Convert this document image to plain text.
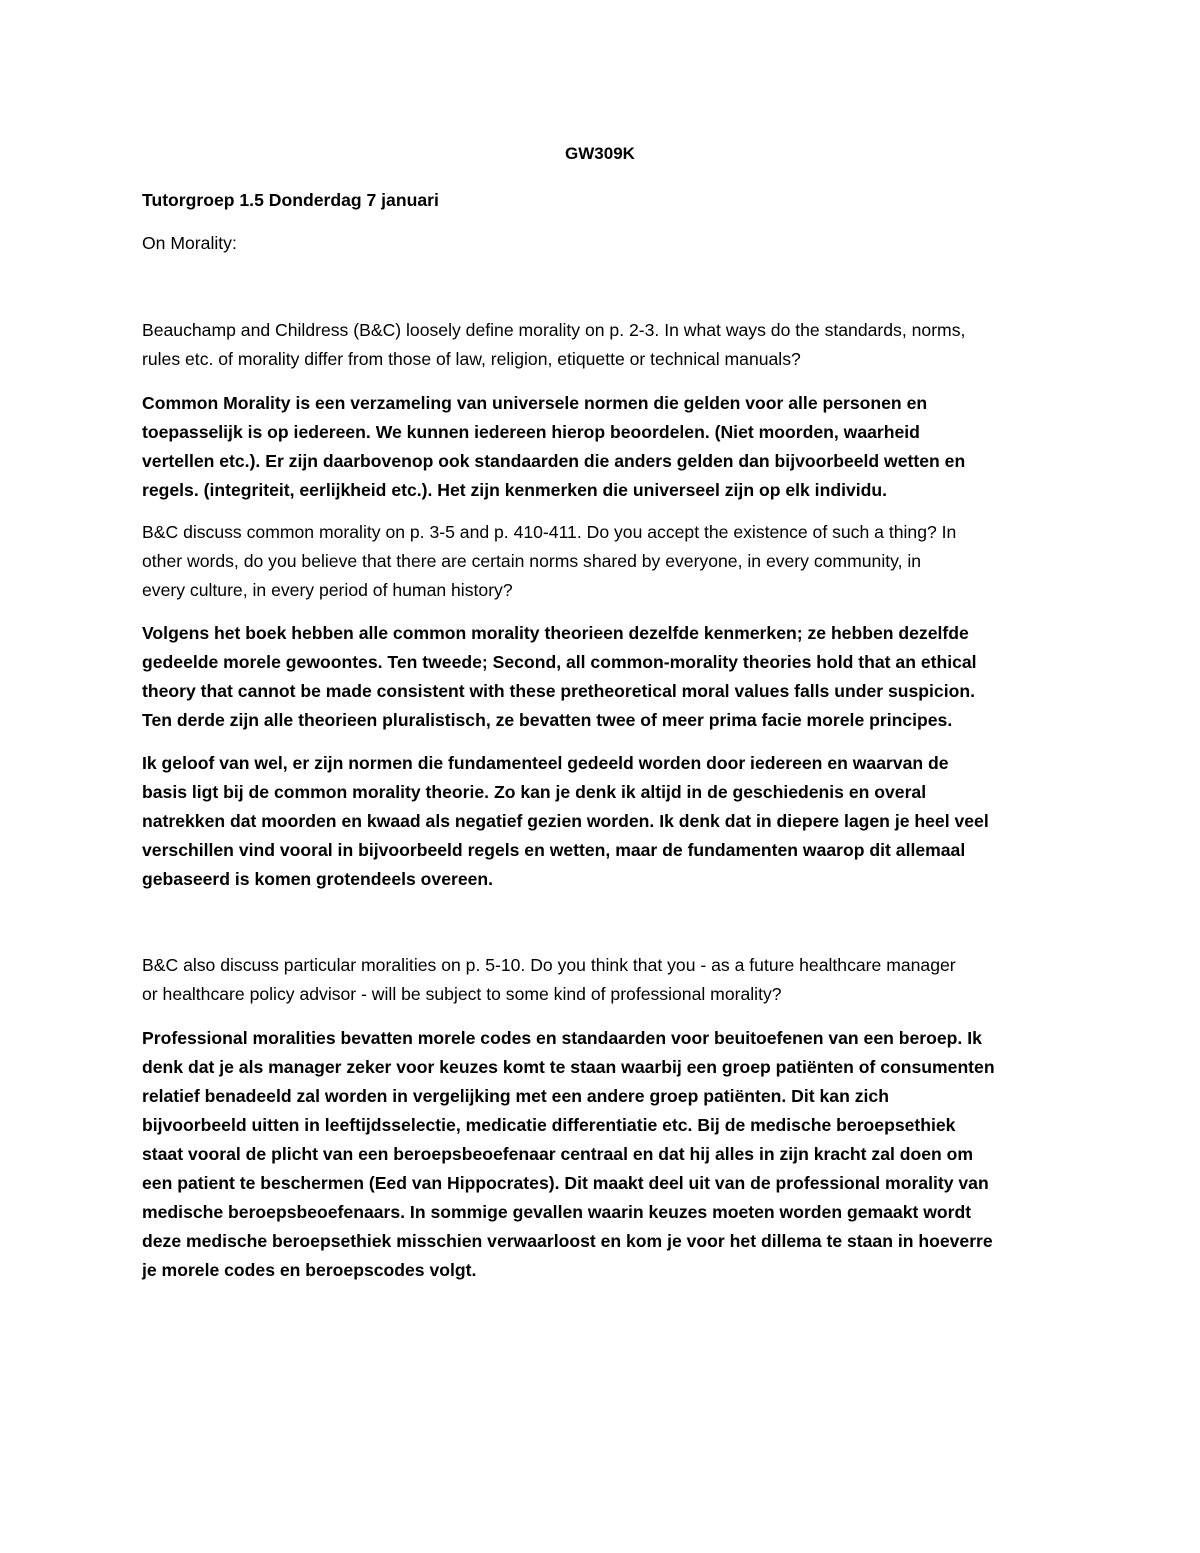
GW309K

Tutorgroep 1.5 Donderdag 7 januari

On Morality:

Beauchamp and Childress (B&C) loosely define morality on p. 2-3. In what ways do the standards, norms,
rules etc. of morality differ from those of law, religion, etiquette or technical manuals?

Common Morality is een verzameling van universele normen die gelden voor alle personen en
toepasselijk is op iedereen. We kunnen iedereen hierop beoordelen. (Niet moorden, waarheid
vertellen etc.). Er zijn daarbovenop ook standaarden die anders gelden dan bijvoorbeeld wetten en
regels. (integriteit, eerlijkheid etc.). Het zijn kenmerken die universeel zijn op elk individu.

B&C discuss common morality on p. 3-5 and p. 410-411. Do you accept the existence of such a thing? In
other words, do you believe that there are certain norms shared by everyone, in every community, in
every culture, in every period of human history?

Volgens het boek hebben alle common morality theorieen dezelfde kenmerken; ze hebben dezelfde
gedeelde morele gewoontes. Ten tweede; Second, all common-morality theories hold that an ethical
theory that cannot be made consistent with these pretheoretical moral values falls under suspicion.
Ten derde zijn alle theorieen pluralistisch, ze bevatten twee of meer prima facie morele principes.

Ik geloof van wel, er zijn normen die fundamenteel gedeeld worden door iedereen en waarvan de
basis ligt bij de common morality theorie. Zo kan je denk ik altijd in de geschiedenis en overal
natrekken dat moorden en kwaad als negatief gezien worden. Ik denk dat in diepere lagen je heel veel
verschillen vind vooral in bijvoorbeeld regels en wetten, maar de fundamenten waarop dit allemaal
gebaseerd is komen grotendeels overeen.

B&C also discuss particular moralities on p. 5-10. Do you think that you - as a future healthcare manager
or healthcare policy advisor - will be subject to some kind of professional morality?

Professional moralities bevatten morele codes en standaarden voor beuitoefenen van een beroep. Ik
denk dat je als manager zeker voor keuzes komt te staan waarbij een groep patiënten of consumenten
relatief benadeeld zal worden in vergelijking met een andere groep patiënten. Dit kan zich
bijvoorbeeld uitten in leeftijdsselectie, medicatie differentiatie etc. Bij de medische beroepsethiek
staat vooral de plicht van een beroepsbeoefenaar centraal en dat hij alles in zijn kracht zal doen om
een patient te beschermen (Eed van Hippocrates). Dit maakt deel uit van de professional morality van
medische beroepsbeoefenaars. In sommige gevallen waarin keuzes moeten worden gemaakt wordt
deze medische beroepsethiek misschien verwaarloost en kom je voor het dillema te staan in hoeverre
je morele codes en beroepscodes volgt.
